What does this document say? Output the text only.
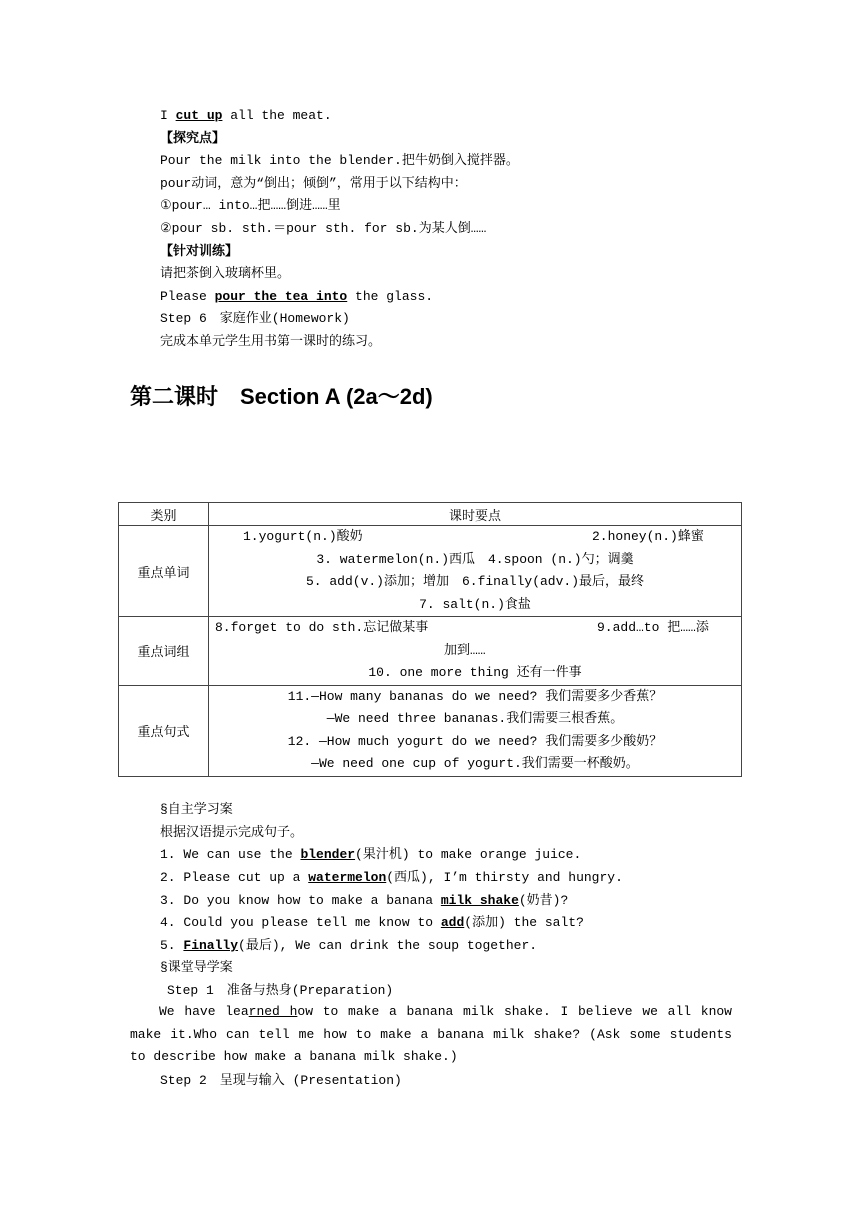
I cut up all the meat.
【探究点】
Pour the milk into the blender.把牛奶倒入搅拌器。
pour动词，意为“倒出；倾倒”，常用于以下结构中：
①pour… into…把……倒进……里
②pour sb. sth.＝pour sth. for sb.为某人倒……
【针对训练】
请把茶倒入玻璃杯里。
Please pour the tea into the glass.
Step 6　家庭作业(Homework)
完成本单元学生用书第一课时的练习。
第二课时　Section A (2a～2d)
类别	课时要点
重点单词	1.yogurt(n.)酸奶 2.honey(n.)蜂蜜
3. watermelon(n.)西瓜　4.spoon (n.)勺；调羹
5. add(v.)添加；增加　6.finally(adv.)最后，最终
7. salt(n.)食盐

重点词组	8.forget to do sth.忘记做某事 9.add…to 把……添
加到……
10. one more thing 还有一件事

重点句式	11.—How many bananas do we need? 我们需要多少香蕉？
—We need three bananas.我们需要三根香蕉。
12. —How much yogurt do we need? 我们需要多少酸奶？
—We need one cup of yogurt.我们需要一杯酸奶。
§自主学习案
根据汉语提示完成句子。
1. We can use the blender(果汁机) to make orange juice.
2. Please cut up a watermelon(西瓜), I’m thirsty and hungry.
3. Do you know how to make a banana milk shake(奶昔)?
4. Could you please tell me know to add(添加) the salt?
5. Finally(最后), We can drink the soup together.
§课堂导学案
Step 1　准备与热身(Preparation)
We have learned how to make a banana milk shake. I believe we all know make it.Who can tell me how to make a banana milk shake? (Ask some students to describe how make a banana milk shake.)
Step 2　呈现与输入 (Presentation)
